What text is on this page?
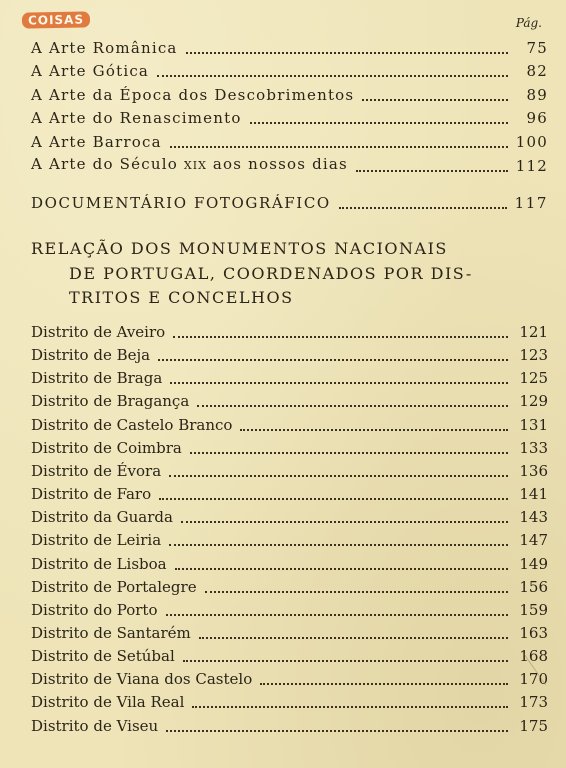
COISAS	Pág.
A Arte Românica	75
A Arte Gótica	82
A Arte da Época dos Descobrimentos	89
A Arte do Renascimento	96
A Arte Barroca	100
A Arte do Século XIX aos nossos dias	112
DOCUMENTÁRIO FOTOGRÁFICO	117
RELAÇÃO DOS MONUMENTOS NACIONAIS
DE PORTUGAL, COORDENADOS POR DIS-
TRITOS E CONCELHOS
Distrito de Aveiro	121
Distrito de Beja	123
Distrito de Braga	125
Distrito de Bragança	129
Distrito de Castelo Branco	131
Distrito de Coimbra	133
Distrito de Évora	136
Distrito de Faro	141
Distrito da Guarda	143
Distrito de Leiria	147
Distrito de Lisboa	149
Distrito de Portalegre	156
Distrito do Porto	159
Distrito de Santarém	163
Distrito de Setúbal	168
Distrito de Viana dos Castelo	170
Distrito de Vila Real	173
Distrito de Viseu	175
